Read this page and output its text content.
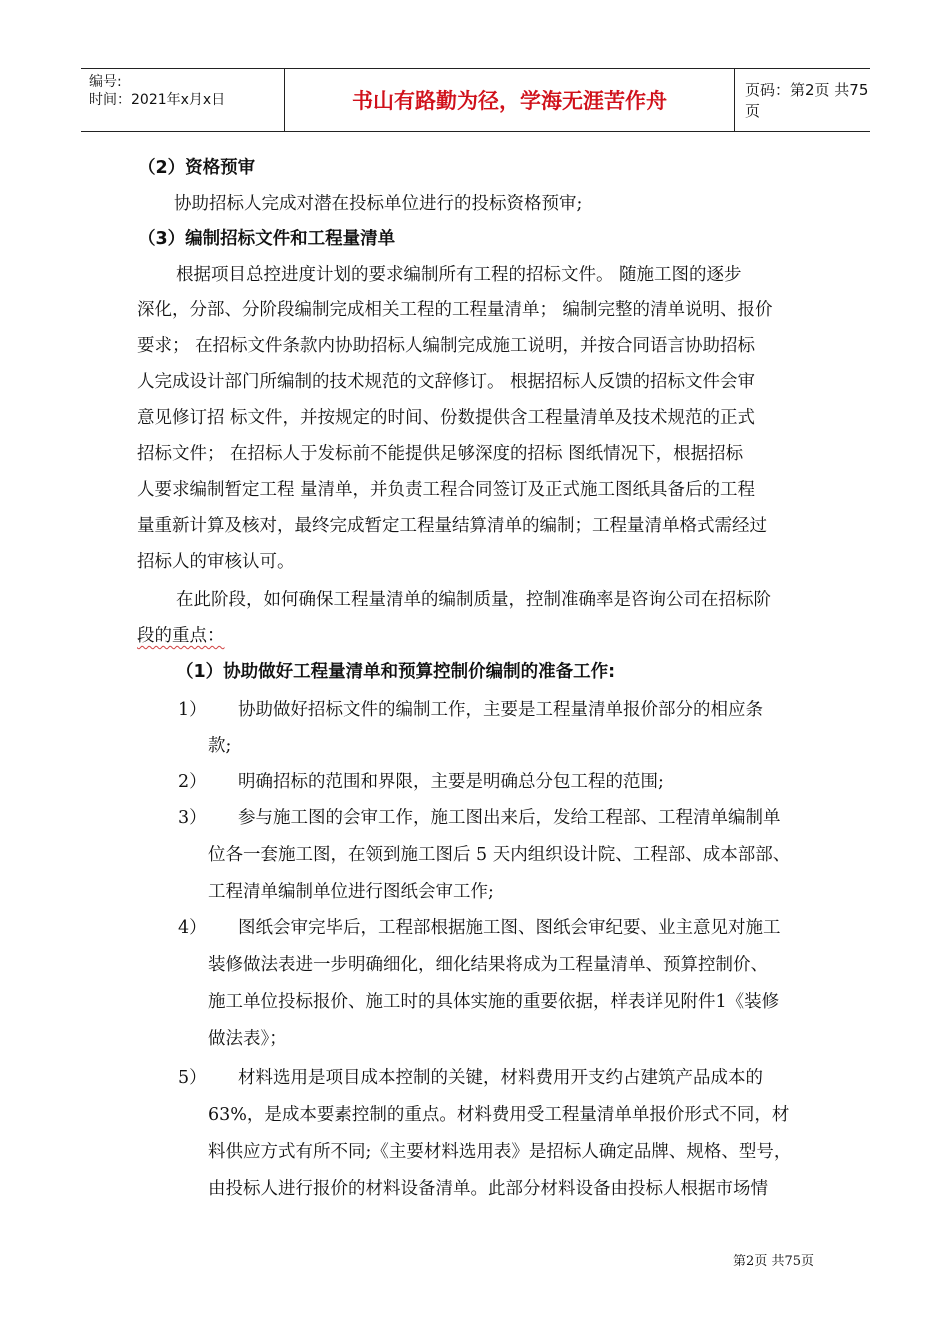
编号:
时间：2021年x月x日	书山有路勤为径，学海无涯苦作舟	页码：第2页 共75页
（2）资格预审
协助招标人完成对潜在投标单位进行的投标资格预审;
（3）编制招标文件和工程量清单
根据项目总控进度计划的要求编制所有工程的招标文件。 随施工图的逐步
深化，分部、分阶段编制完成相关工程的工程量清单； 编制完整的清单说明、报价
要求； 在招标文件条款内协助招标人编制完成施工说明，并按合同语言协助招标
人完成设计部门所编制的技术规范的文辞修订。 根据招标人反馈的招标文件会审
意见修订招 标文件，并按规定的时间、份数提供含工程量清单及技术规范的正式
招标文件； 在招标人于发标前不能提供足够深度的招标 图纸情况下，根据招标
人要求编制暂定工程 量清单，并负责工程合同签订及正式施工图纸具备后的工程
量重新计算及核对，最终完成暂定工程量结算清单的编制；工程量清单格式需经过
招标人的审核认可。
在此阶段，如何确保工程量清单的编制质量，控制准确率是咨询公司在招标阶
段的重点：
（1）协助做好工程量清单和预算控制价编制的准备工作:
1） 协助做好招标文件的编制工作，主要是工程量清单报价部分的相应条
款;
2） 明确招标的范围和界限，主要是明确总分包工程的范围;
3） 参与施工图的会审工作，施工图出来后，发给工程部、工程清单编制单
位各一套施工图，在领到施工图后 5 天内组织设计院、工程部、成本部部、
工程清单编制单位进行图纸会审工作;
4） 图纸会审完毕后，工程部根据施工图、图纸会审纪要、业主意见对施工
装修做法表进一步明确细化，细化结果将成为工程量清单、预算控制价、
施工单位投标报价、施工时的具体实施的重要依据，样表详见附件1《装修
做法表》；
5） 材料选用是项目成本控制的关键，材料费用开支约占建筑产品成本的
63%，是成本要素控制的重点。材料费用受工程量清单单报价形式不同，材
料供应方式有所不同;《主要材料选用表》是招标人确定品牌、规格、型号，
由投标人进行报价的材料设备清单。此部分材料设备由投标人根据市场情
第2页 共75页
